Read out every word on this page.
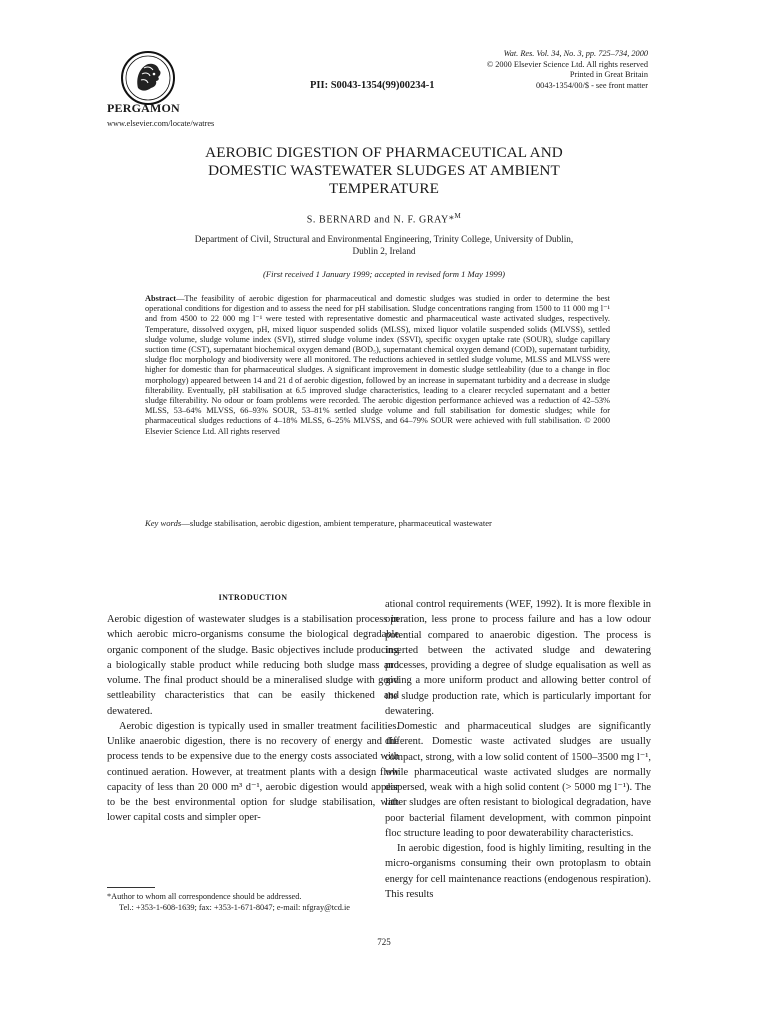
PII: S0043-1354(99)00234-1
Wat. Res. Vol. 34, No. 3, pp. 725–734, 2000
© 2000 Elsevier Science Ltd. All rights reserved
Printed in Great Britain
0043-1354/00/$ - see front matter
PERGAMON
www.elsevier.com/locate/watres
AEROBIC DIGESTION OF PHARMACEUTICAL AND
DOMESTIC WASTEWATER SLUDGES AT AMBIENT
TEMPERATURE
S. BERNARD and N. F. GRAY*$^M$
Department of Civil, Structural and Environmental Engineering, Trinity College, University of Dublin,
Dublin 2, Ireland
(First received 1 January 1999; accepted in revised form 1 May 1999)
Abstract—The feasibility of aerobic digestion for pharmaceutical and domestic sludges was studied in order to determine the best operational conditions for digestion and to assess the need for pH stabilisation. Sludge concentrations ranging from 1500 to 11 000 mg l⁻¹ and from 4500 to 22 000 mg l⁻¹ were tested with representative domestic and pharmaceutical waste activated sludges, respectively. Temperature, dissolved oxygen, pH, mixed liquor suspended solids (MLSS), mixed liquor volatile suspended solids (MLVSS), settled sludge volume, sludge volume index (SVI), stirred sludge volume index (SSVI), specific oxygen uptake rate (SOUR), sludge capillary suction time (CST), supernatant biochemical oxygen demand (BOD₅), supernatant chemical oxygen demand (COD), supernatant turbidity, sludge floc morphology and biodiversity were all monitored. The reductions achieved in settled sludge volume, MLSS and MLVSS were higher for domestic than for pharmaceutical sludges. A significant improvement in domestic sludge settleability (due to a change in floc morphology) appeared between 14 and 21 d of aerobic digestion, followed by an increase in supernatant turbidity and a decrease in sludge filterability. Eventually, pH stabilisation at 6.5 improved sludge characteristics, leading to a clearer recycled supernatant and a better sludge filterability. No odour or foam problems were recorded. The aerobic digestion performance achieved was a reduction of 42–53% MLSS, 53–64% MLVSS, 66–93% SOUR, 53–81% settled sludge volume and full stabilisation for domestic sludges; while for pharmaceutical sludges reductions of 4–18% MLSS, 6–25% MLVSS, and 64–79% SOUR were achieved with full stabilisation. © 2000 Elsevier Science Ltd. All rights reserved
Key words—sludge stabilisation, aerobic digestion, ambient temperature, pharmaceutical wastewater
INTRODUCTION

Aerobic digestion of wastewater sludges is a stabilisation process in which aerobic micro-organisms consume the biological degradable organic component of the sludge. Basic objectives include producing a biologically stable product while reducing both sludge mass and volume. The final product should be a mineralised sludge with good settleability characteristics that can be easily thickened and dewatered.

Aerobic digestion is typically used in smaller treatment facilities. Unlike anaerobic digestion, there is no recovery of energy and the process tends to be expensive due to the energy costs associated with continued aeration. However, at treatment plants with a design flow capacity of less than 20 000 m³ d⁻¹, aerobic digestion would appear to be the best environmental option for sludge stabilisation, with lower capital costs and simpler oper-

ational control requirements (WEF, 1992). It is more flexible in operation, less prone to process failure and has a low odour potential compared to anaerobic digestion. The process is inserted between the activated sludge and dewatering processes, providing a degree of sludge equalisation as well as giving a more uniform product and allowing better control of the sludge production rate, which is particularly important for dewatering.

Domestic and pharmaceutical sludges are significantly different. Domestic waste activated sludges are usually compact, strong, with a low solid content of 1500–3500 mg l⁻¹, while pharmaceutical waste activated sludges are normally dispersed, weak with a high solid content (> 5000 mg l⁻¹). The latter sludges are often resistant to biological degradation, have poor bacterial filament development, with common pinpoint floc structure leading to poor dewaterability characteristics.

In aerobic digestion, food is highly limiting, resulting in the micro-organisms consuming their own protoplasm to obtain energy for cell maintenance reactions (endogenous respiration). This results

*Author to whom all correspondence should be addressed.
Tel.: +353-1-608-1639; fax: +353-1-671-8047; e-mail: nfgray@tcd.ie
725
